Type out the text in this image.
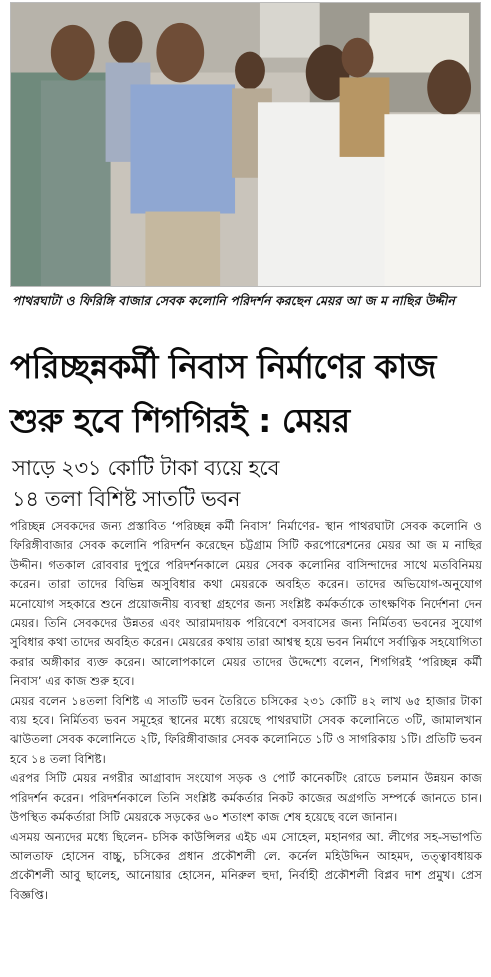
পাথরঘাটা ও ফিরিঙ্গি বাজার সেবক কলোনি পরিদর্শন করছেন মেয়র আ জ ম নাছির উদ্দীন
পরিচ্ছন্নকর্মী নিবাস নির্মাণের কাজ শুরু হবে শিগগিরই : মেয়র
সাড়ে ২৩১ কোটি টাকা ব্যয়ে হবে
১৪ তলা বিশিষ্ট সাতটি ভবন

পরিচ্ছন্ন সেবকদের জন্য প্রস্তাবিত ‘পরিচ্ছন্ন কর্মী নিবাস’ নির্মাণের- স্থান পাথরঘাটা সেবক কলোনি ও ফিরিঙ্গীবাজার সেবক কলোনি পরিদর্শন করেছেন চট্টগ্রাম সিটি করপোরেশনের মেয়র আ জ ম নাছির উদ্দীন। গতকাল রোববার দুপুরে পরিদর্শনকালে মেয়র সেবক কলোনির বাসিন্দাদের সাথে মতবিনিময় করেন। তারা তাদের বিভিন্ন অসুবিধার কথা মেয়রকে অবহিত করেন। তাদের অভিযোগ-অনুযোগ মনোযোগ সহকারে শুনে প্রয়োজনীয় ব্যবস্থা গ্রহণের জন্য সংশ্লিষ্ট কর্মকর্তাকে তাৎক্ষণিক নির্দেশনা দেন মেয়র। তিনি সেবকদের উন্নতর এবং আরামদায়ক পরিবেশে বসবাসের জন্য নির্মিতব্য ভবনের সুযোগ সুবিধার কথা তাদের অবহিত করেন। মেয়রের কথায় তারা আশ্বস্থ হয়ে ভবন নির্মাণে সর্বাত্নিক সহযোগিতা করার অঙ্গীকার ব্যক্ত করেন। আলোপকালে মেয়র তাদের উদ্দেশ্যে বলেন, শিগগিরই ‘পরিচ্ছন্ন কর্মী নিবাস’ এর কাজ শুরু হবে।

মেয়র বলেন ১৪তলা বিশিষ্ট এ সাতটি ভবন তৈরিতে চসিকের ২৩১ কোটি ৪২ লাখ ৬৫ হাজার টাকা ব্যয় হবে। নির্মিতব্য ভবন সমূহের স্থানের মধ্যে রয়েছে পাথরঘাটা সেবক কলোনিতে ৩টি, জামালখান ঝাউতলা সেবক কলোনিতে ২টি, ফিরিঙ্গীবাজার সেবক কলোনিতে ১টি ও সাগরিকায় ১টি। প্রতিটি ভবন হবে ১৪ তলা বিশিষ্ট।

এরপর সিটি মেয়র নগরীর আগ্রাবাদ সংযোগ সড়ক ও পোর্ট কানেকটিং রোডে চলমান উন্নয়ন কাজ পরিদর্শন করেন। পরিদর্শনকালে তিনি সংশ্লিষ্ট কর্মকর্তার নিকট কাজের অগ্রগতি সম্পর্কে জানতে চান। উপস্থিত কর্মকর্তারা সিটি মেয়রকে সড়কের ৬০ শতাংশ কাজ শেষ হয়েছে বলে জানান।

এসময় অন্যদের মধ্যে ছিলেন- চসিক কাউন্সিলর এইচ এম সোহেল, মহানগর আ. লীগের সহ-সভাপতি আলতাফ হোসেন বাচ্চু, চসিকের প্রধান প্রকৌশলী লে. কর্নেল মহিউদ্দিন আহমদ, তত্ত্বাবধায়ক প্রকৌশলী আবু ছালেহ, আনোয়ার হোসেন, মনিরুল হুদা, নির্বাহী প্রকৌশলী বিপ্লব দাশ প্রমুখ। প্রেস বিজ্ঞপ্তি।
